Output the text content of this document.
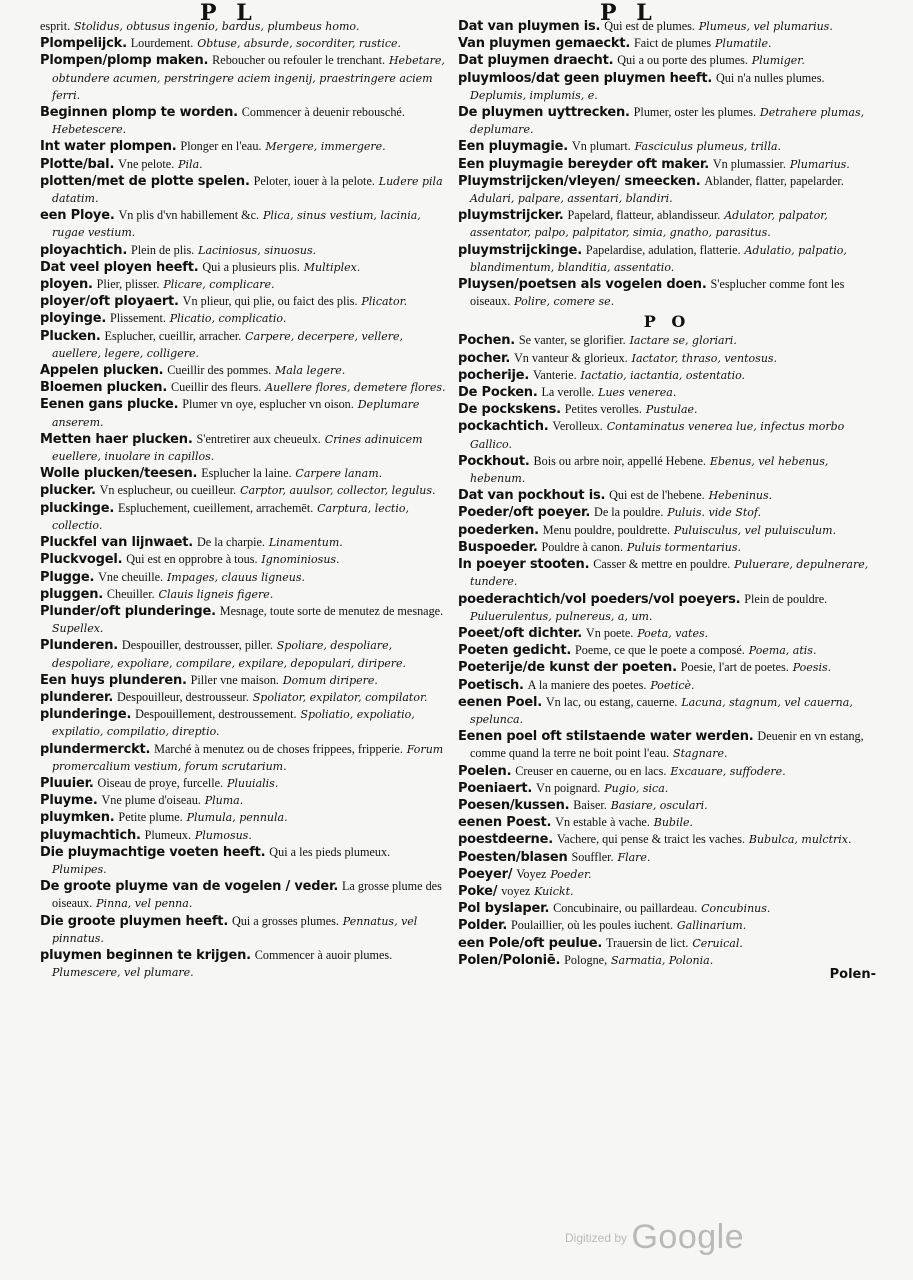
P L	P L

esprit. Stolidus, obtusus ingenio, bardus, plumbeus homo.

Plompelijck. Lourdement. Obtuse, absurde, socorditer, rustice.

Plompen/plomp maken. Reboucher ou refouler le trenchant. Hebetare, obtundere acumen, perstringere aciem ingenij, praestringere aciem ferri.

Beginnen plomp te worden. Commencer à deuenir rebousché. Hebetescere.

Int water plompen. Plonger en l'eau. Mergere, immergere.

Plotte/bal. Vne pelote. Pila.

plotten/met de plotte spelen. Peloter, iouer à la pelote. Ludere pila datatim.

een Ploye. Vn plis d'vn habillement &c. Plica, sinus vestium, lacinia, rugae vestium.

ployachtich. Plein de plis. Laciniosus, sinuosus.

Dat veel ployen heeft. Qui a plusieurs plis. Multiplex.

ployen. Plier, plisser. Plicare, complicare.

ployer/oft ployaert. Vn plieur, qui plie, ou faict des plis. Plicator.

ployinge. Plissement. Plicatio, complicatio.

Plucken. Esplucher, cueillir, arracher. Carpere, decerpere, vellere, auellere, legere, colligere.

Appelen plucken. Cueillir des pommes. Mala legere.

Bloemen plucken. Cueillir des fleurs. Auellere flores, demetere flores.

Eenen gans plucke. Plumer vn oye, esplucher vn oison. Deplumare anserem.

Metten haer plucken. S'entretirer aux cheueulx. Crines adinuicem euellere, inuolare in capillos.

Wolle plucken/teesen. Esplucher la laine. Carpere lanam.

plucker. Vn esplucheur, ou cueilleur. Carptor, auulsor, collector, legulus.

pluckinge. Espluchement, cueillement, arrachemēt. Carptura, lectio, collectio.

Pluckfel van lijnwaet. De la charpie. Linamentum.

Pluckvogel. Qui est en opprobre à tous. Ignominiosus.

Plugge. Vne cheuille. Impages, clauus ligneus.

pluggen. Cheuiller. Clauis ligneis figere.

Plunder/oft plunderinge. Mesnage, toute sorte de menutez de mesnage. Supellex.

Plunderen. Despouiller, destrousser, piller. Spoliare, despoliare, despoliare, expoliare, compilare, expilare, depopulari, diripere.

Een huys plunderen. Piller vne maison. Domum diripere.

plunderer. Despouilleur, destrousseur. Spoliator, expilator, compilator.

plunderinge. Despouillement, destroussement. Spoliatio, expoliatio, expilatio, compilatio, direptio.

plundermerckt. Marché à menutez ou de choses frippees, fripperie. Forum promercalium vestium, forum scrutarium.

Pluuier. Oiseau de proye, furcelle. Pluuialis.

Pluyme. Vne plume d'oiseau. Pluma.

pluymken. Petite plume. Plumula, pennula.

pluymachtich. Plumeux. Plumosus.

Die pluymachtige voeten heeft. Qui a les pieds plumeux. Plumipes.

De groote pluyme van de vogelen / veder. La grosse plume des oiseaux. Pinna, vel penna.

Die groote pluymen heeft. Qui a grosses plumes. Pennatus, vel pinnatus.

pluymen beginnen te krijgen. Commencer à auoir plumes. Plumescere, vel plumare.

Dat van pluymen is. Qui est de plumes. Plumeus, vel plumarius.

Van pluymen gemaeckt. Faict de plumes Plumatile.

Dat pluymen draecht. Qui a ou porte des plumes. Plumiger.

pluymloos/dat geen pluymen heeft. Qui n'a nulles plumes. Deplumis, implumis, e.

De pluymen uyttrecken. Plumer, oster les plumes. Detrahere plumas, deplumare.

Een pluymagie. Vn plumart. Fasciculus plumeus, trilla.

Een pluymagie bereyder oft maker. Vn plumassier. Plumarius.

Pluymstrijcken/vleyen/ smeecken. Ablander, flatter, papelarder. Adulari, palpare, assentari, blandiri.

pluymstrijcker. Papelard, flatteur, ablandisseur. Adulator, palpator, assentator, palpo, palpitator, simia, gnatho, parasitus.

pluymstrijckinge. Papelardise, adulation, flatterie. Adulatio, palpatio, blandimentum, blanditia, assentatio.

Pluysen/poetsen als vogelen doen. S'esplucher comme font les oiseaux. Polire, comere se.

P O

Pochen. Se vanter, se glorifier. Iactare se, gloriari.

pocher. Vn vanteur & glorieux. Iactator, thraso, ventosus.

pocherije. Vanterie. Iactatio, iactantia, ostentatio.

De Pocken. La verolle. Lues venerea.

De pockskens. Petites verolles. Pustulae.

pockachtich. Verolleux. Contaminatus venerea lue, infectus morbo Gallico.

Pockhout. Bois ou arbre noir, appellé Hebene. Ebenus, vel hebenus, hebenum.

Dat van pockhout is. Qui est de l'hebene. Hebeninus.

Poeder/oft poeyer. De la pouldre. Puluis. vide Stof.

poederken. Menu pouldre, pouldrette. Puluisculus, vel puluisculum.

Buspoeder. Pouldre à canon. Puluis tormentarius.

In poeyer stooten. Casser & mettre en pouldre. Puluerare, depulnerare, tundere.

poederachtich/vol poeders/vol poeyers. Plein de pouldre. Puluerulentus, pulnereus, a, um.

Poeet/oft dichter. Vn poete. Poeta, vates.

Poeten gedicht. Poeme, ce que le poete a composé. Poema, atis.

Poeterije/de kunst der poeten. Poesie, l'art de poetes. Poesis.

Poetisch. A la maniere des poetes. Poeticè.

eenen Poel. Vn lac, ou estang, cauerne. Lacuna, stagnum, vel cauerna, spelunca.

Eenen poel oft stilstaende water werden. Deuenir en vn estang, comme quand la terre ne boit point l'eau. Stagnare.

Poelen. Creuser en cauerne, ou en lacs. Excauare, suffodere.

Poeniaert. Vn poignard. Pugio, sica.

Poesen/kussen. Baiser. Basiare, osculari.

eenen Poest. Vn estable à vache. Bubile.

poestdeerne. Vachere, qui pense & traict les vaches. Bubulca, mulctrix.

Poesten/blasen Souffler. Flare.

Poeyer/ Voyez Poeder.

Poke/ voyez Kuickt.

Pol byslaper. Concubinaire, ou paillardeau. Concubinus.

Polder. Poulaillier, où les poules iuchent. Gallinarium.

een Pole/oft peulue. Trauersin de lict. Ceruical.

Polen/Poloniē. Pologne, Sarmatia, Polonia.

Polen-
$^{Digitized by}$ Google
